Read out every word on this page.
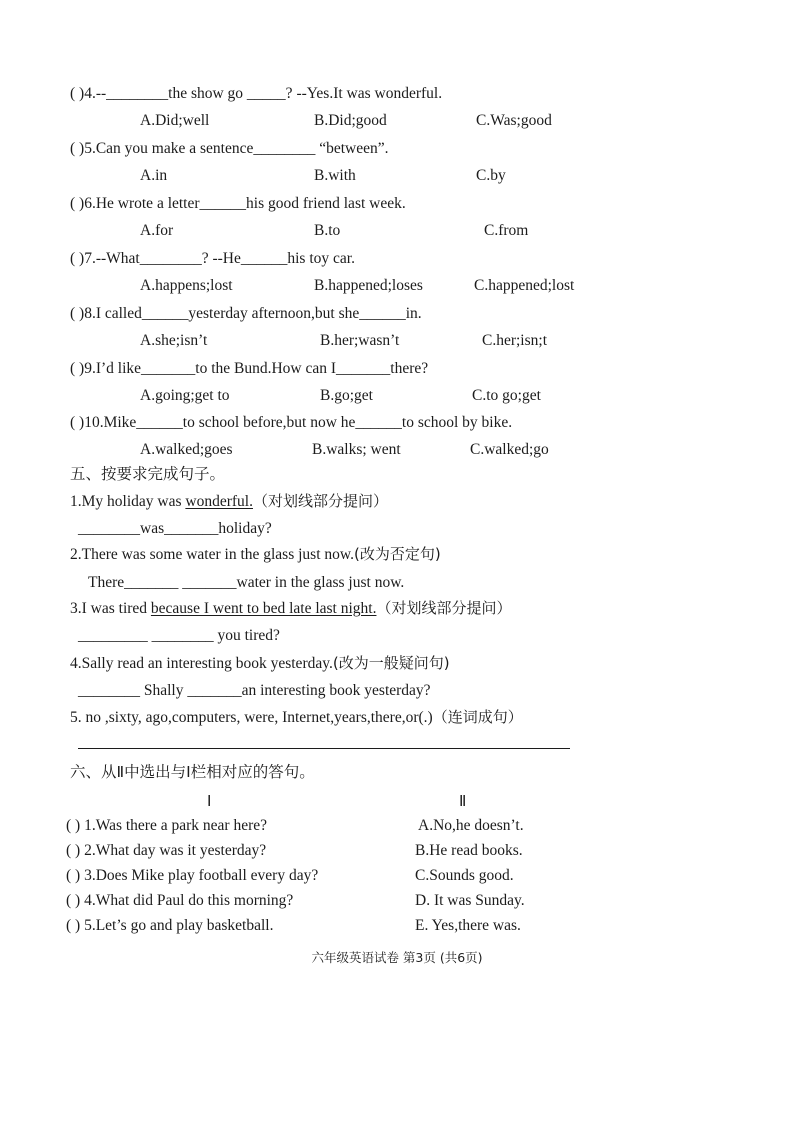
( )4.--________the show go _____? --Yes.It was wonderful.
A.Did;well	B.Did;good	C.Was;good
( )5.Can you make a sentence________ “between”.
A.in	B.with	C.by
( )6.He wrote a letter______his good friend last week.
A.for	B.to	C.from
( )7.--What________? --He______his toy car.
A.happens;lost	B.happened;loses	C.happened;lost
( )8.I called______yesterday afternoon,but she______in.
A.she;isn’t	B.her;wasn’t	C.her;isn;t
( )9.I’d like_______to the Bund.How can I_______there?
A.going;get to	B.go;get	C.to go;get
( )10.Mike______to school before,but now he______to school by bike.
A.walked;goes	B.walks; went	C.walked;go
五、按要求完成句子。
1.My holiday was wonderful.（对划线部分提问）
________was_______holiday?
2.There was some water in the glass just now.(改为否定句)
There_______ _______water in the glass just now.
3.I was tired because I went to bed late last night.（对划线部分提问）
_________ ________ you tired?
4.Sally read an interesting book yesterday.(改为一般疑问句)
________ Shally _______an interesting book yesterday?
5. no ,sixty, ago,computers, were, Internet,years,there,or(.)（连词成句）
六、从Ⅱ中选出与Ⅰ栏相对应的答句。
Ⅰ	Ⅱ
( ) 1.Was there a park near here?	A.No,he doesn’t.
( ) 2.What day was it yesterday?	B.He read books.
( ) 3.Does Mike play football every day?	C.Sounds good.
( ) 4.What did Paul do this morning?	D. It was Sunday.
( ) 5.Let’s go and play basketball.	E. Yes,there was.
六年级英语试卷 第3页 (共6页)
